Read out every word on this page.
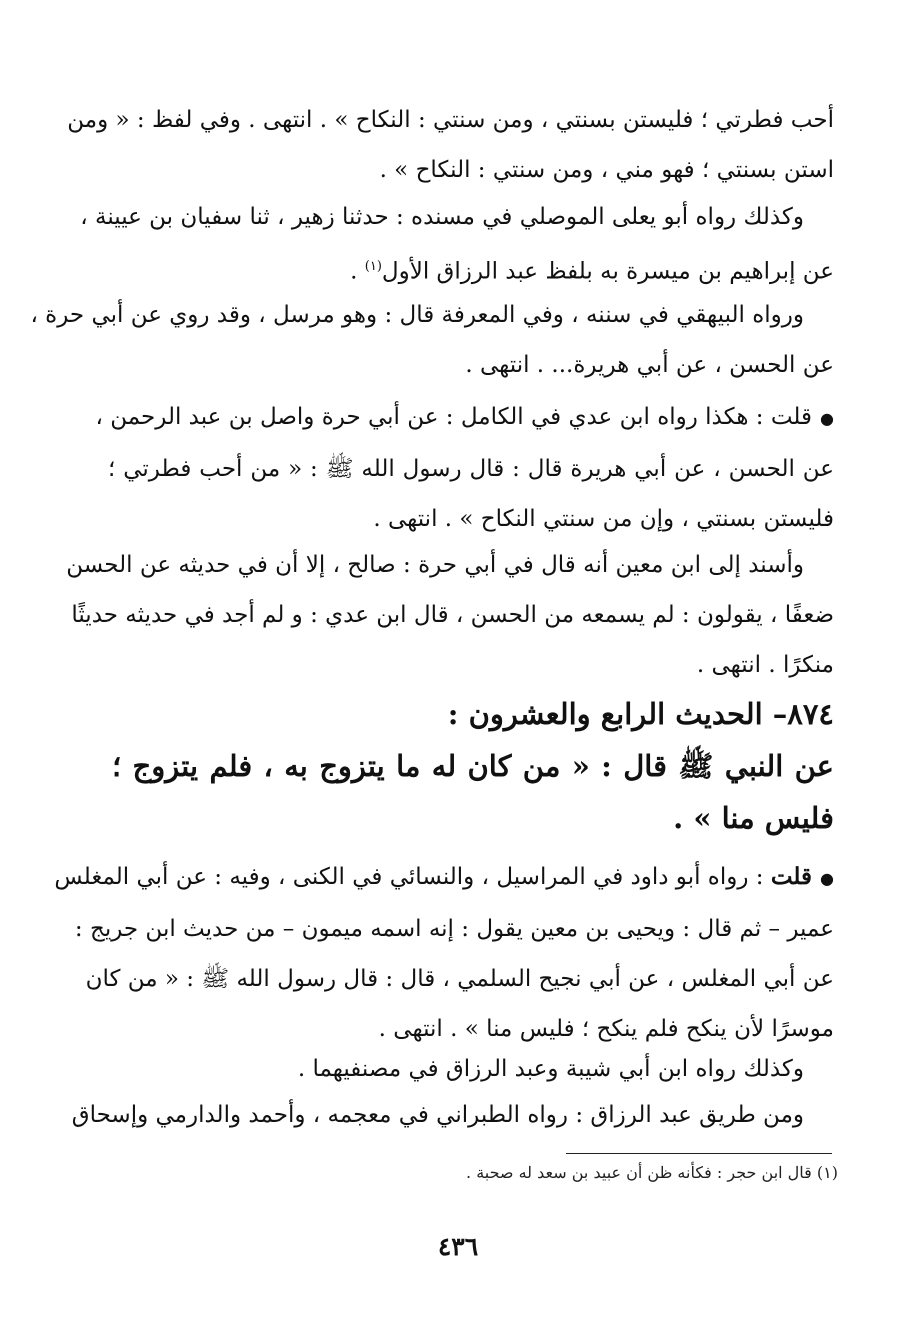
أحب فطرتي ؛ فليستن بسنتي ، ومن سنتي : النكاح » . انتهى . وفي لفظ : « ومن
استن بسنتي ؛ فهو مني ، ومن سنتي : النكاح » .
وكذلك رواه أبو يعلى الموصلي في مسنده : حدثنا زهير ، ثنا سفيان بن عيينة ،
عن إبراهيم بن ميسرة به بلفظ عبد الرزاق الأول$^{(١)}$ .
ورواه البيهقي في سننه ، وفي المعرفة قال : وهو مرسل ، وقد روي عن أبي حرة ،
عن الحسن ، عن أبي هريرة... . انتهى .
●قلت : هكذا رواه ابن عدي في الكامل : عن أبي حرة واصل بن عبد الرحمن ،
عن الحسن ، عن أبي هريرة قال : قال رسول الله ﷺ : « من أحب فطرتي ؛
فليستن بسنتي ، وإن من سنتي النكاح » . انتهى .
وأسند إلى ابن معين أنه قال في أبي حرة : صالح ، إلا أن في حديثه عن الحسن
ضعفًا ، يقولون : لم يسمعه من الحسن ، قال ابن عدي : و لم أجد في حديثه حديثًا
منكرًا . انتهى .
٨٧٤– الحديث الرابع والعشرون :
عن النبي ﷺ قال : « من كان له ما يتزوج به ، فلم يتزوج ؛
فليس منا » .
●قلت : رواه أبو داود في المراسيل ، والنسائي في الكنى ، وفيه : عن أبي المغلس
عمير – ثم قال : ويحيى بن معين يقول : إنه اسمه ميمون – من حديث ابن جريج :
عن أبي المغلس ، عن أبي نجيح السلمي ، قال : قال رسول الله ﷺ : « من كان
موسرًا لأن ينكح فلم ينكح ؛ فليس منا » . انتهى .
وكذلك رواه ابن أبي شيبة وعبد الرزاق في مصنفيهما .
ومن طريق عبد الرزاق : رواه الطبراني في معجمه ، وأحمد والدارمي وإسحاق
(١) قال ابن حجر : فكأنه ظن أن عبيد بن سعد له صحبة .
٤٣٦
